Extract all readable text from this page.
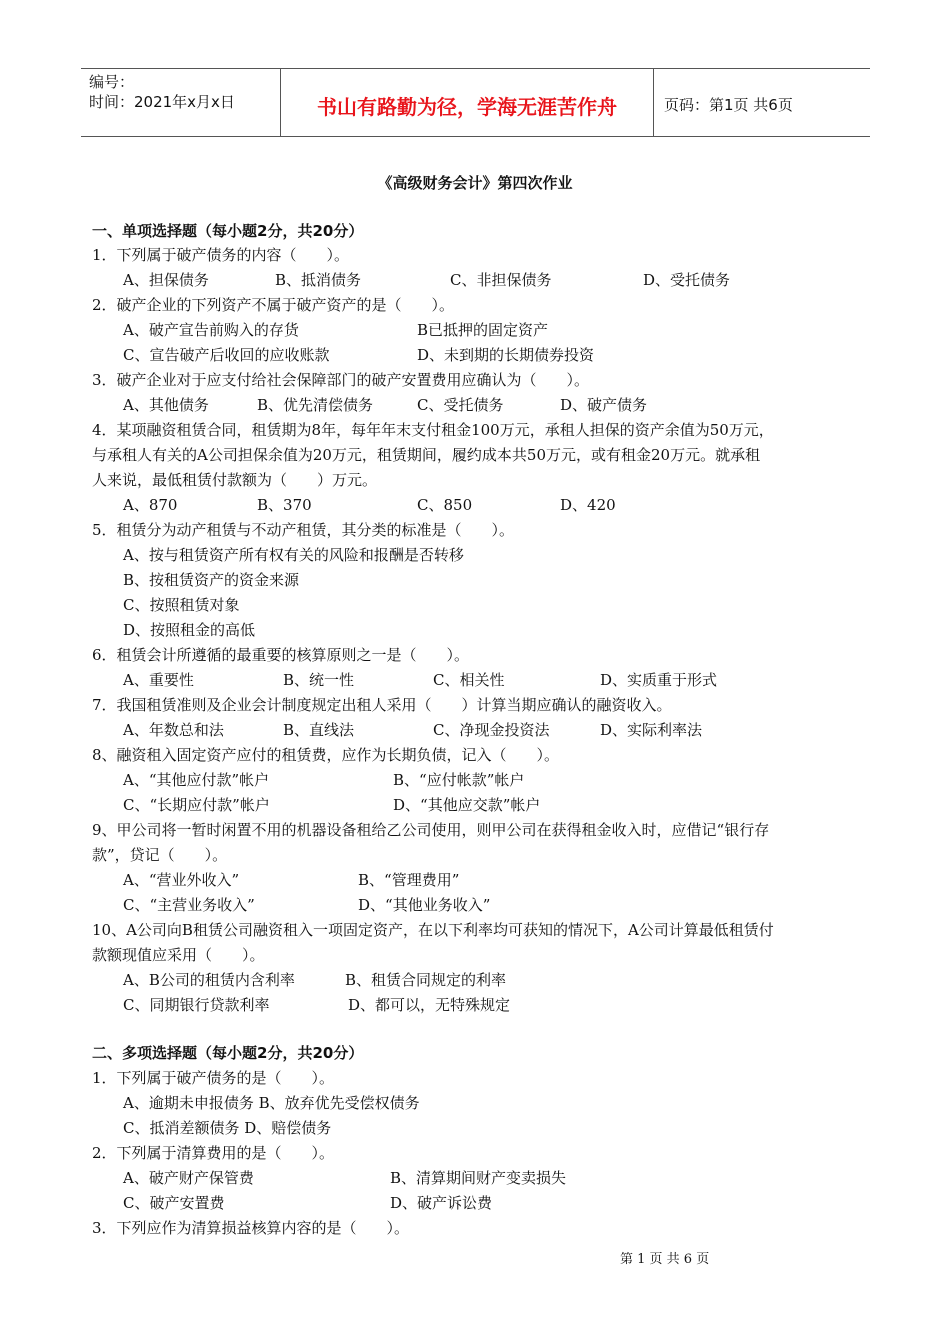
编号：
时间：2021年x月x日	书山有路勤为径，学海无涯苦作舟	页码：第1页 共6页
《高级财务会计》第四次作业
一、单项选择题（每小题2分，共20分）
1．下列属于破产债务的内容（　　）。
A、担保债务	B、抵消债务	C、非担保债务	D、受托债务
2．破产企业的下列资产不属于破产资产的是（　　）。
A、破产宣告前购入的存货	B已抵押的固定资产
C、宣告破产后收回的应收账款	D、未到期的长期债券投资
3．破产企业对于应支付给社会保障部门的破产安置费用应确认为（　　）。
A、其他债务	B、优先清偿债务	C、受托债务	D、破产债务
4．某项融资租赁合同，租赁期为8年，每年年末支付租金100万元，承租人担保的资产余值为50万元，
与承租人有关的A公司担保余值为20万元，租赁期间，履约成本共50万元，或有租金20万元。就承租
人来说，最低租赁付款额为（　　）万元。
A、870	B、370	C、850	D、420
5．租赁分为动产租赁与不动产租赁，其分类的标准是（　　）。
A、按与租赁资产所有权有关的风险和报酬是否转移
B、按租赁资产的资金来源
C、按照租赁对象
D、按照租金的高低
6．租赁会计所遵循的最重要的核算原则之一是（　　）。
A、重要性	B、统一性	C、相关性	D、实质重于形式
7．我国租赁准则及企业会计制度规定出租人采用（　　）计算当期应确认的融资收入。
A、年数总和法	B、直线法	C、净现金投资法	D、实际利率法
8、融资租入固定资产应付的租赁费，应作为长期负债，记入（　　）。
A、“其他应付款”帐户	B、“应付帐款”帐户
C、“长期应付款”帐户	D、“其他应交款”帐户
9、甲公司将一暂时闲置不用的机器设备租给乙公司使用，则甲公司在获得租金收入时，应借记“银行存
款”，贷记（　　）。
A、“营业外收入”	B、“管理费用”
C、“主营业务收入”	D、“其他业务收入”
10、A公司向B租赁公司融资租入一项固定资产，在以下利率均可获知的情况下，A公司计算最低租赁付
款额现值应采用（　　）。
A、B公司的租赁内含利率	B、租赁合同规定的利率
C、同期银行贷款利率	D、都可以，无特殊规定
二、多项选择题（每小题2分，共20分）
1．下列属于破产债务的是（　　）。
A、逾期未申报债务 B、放弃优先受偿权债务
C、抵消差额债务 D、赔偿债务
2．下列属于清算费用的是（　　）。
A、破产财产保管费	B、清算期间财产变卖损失
C、破产安置费	D、破产诉讼费
3．下列应作为清算损益核算内容的是（　　）。
第 1 页 共 6 页
